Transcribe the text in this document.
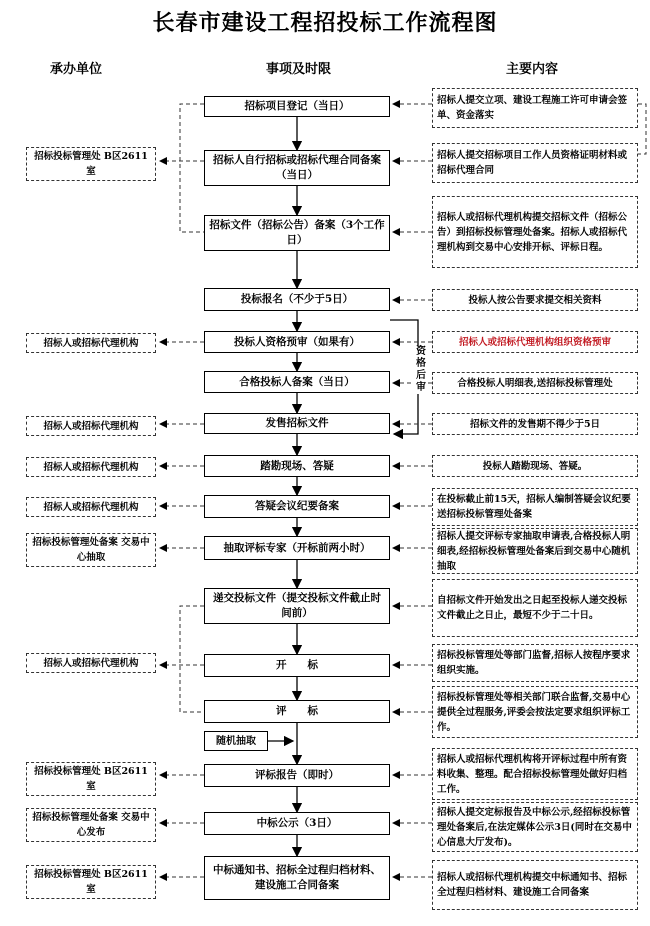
长春市建设工程招投标工作流程图
承办单位	事项及时限	主要内容
招标项目登记（当日）
招标人自行招标或招标代理合同备案（当日）
招标文件（招标公告）备案（3个工作日）
投标报名（不少于5日）
投标人资格预审（如果有）
合格投标人备案（当日）
发售招标文件
踏勘现场、答疑
答疑会议纪要备案
抽取评标专家（开标前两小时）
递交投标文件（提交投标文件截止时间前）
开　　标
评　　标
评标报告（即时）
中标公示（3日）
中标通知书、招标全过程归档材料、建设施工合同备案
随机抽取
资格后审
招标投标管理处 B区2611室
招标人或招标代理机构
招标人或招标代理机构
招标人或招标代理机构
招标人或招标代理机构
招标投标管理处备案 交易中心抽取
招标人或招标代理机构
招标投标管理处 B区2611室
招标投标管理处备案 交易中心发布
招标投标管理处 B区2611室
招标人提交立项、建设工程施工许可申请会签单、资金落实
招标人提交招标项目工作人员资格证明材料或招标代理合同
招标人或招标代理机构提交招标文件（招标公告）到招标投标管理处备案。招标人或招标代理机构到交易中心安排开标、评标日程。
投标人按公告要求提交相关资料
招标人或招标代理机构组织资格预审
合格投标人明细表,送招标投标管理处
招标文件的发售期不得少于5日
投标人踏勘现场、答疑。
在投标截止前15天，招标人编制答疑会议纪要送招标投标管理处备案
招标人提交评标专家抽取申请表,合格投标人明细表,经招标投标管理处备案后到交易中心随机抽取
自招标文件开始发出之日起至投标人递交投标文件截止之日止，最短不少于二十日。
招标投标管理处等部门监督,招标人按程序要求组织实施。
招标投标管理处等相关部门联合监督,交易中心提供全过程服务,评委会按法定要求组织评标工作。
招标人或招标代理机构将开评标过程中所有资料收集、整理。配合招标投标管理处做好归档工作。
招标人提交定标报告及中标公示,经招标投标管理处备案后,在法定媒体公示3日(同时在交易中心信息大厅发布)。
招标人或招标代理机构提交中标通知书、招标全过程归档材料、建设施工合同备案
